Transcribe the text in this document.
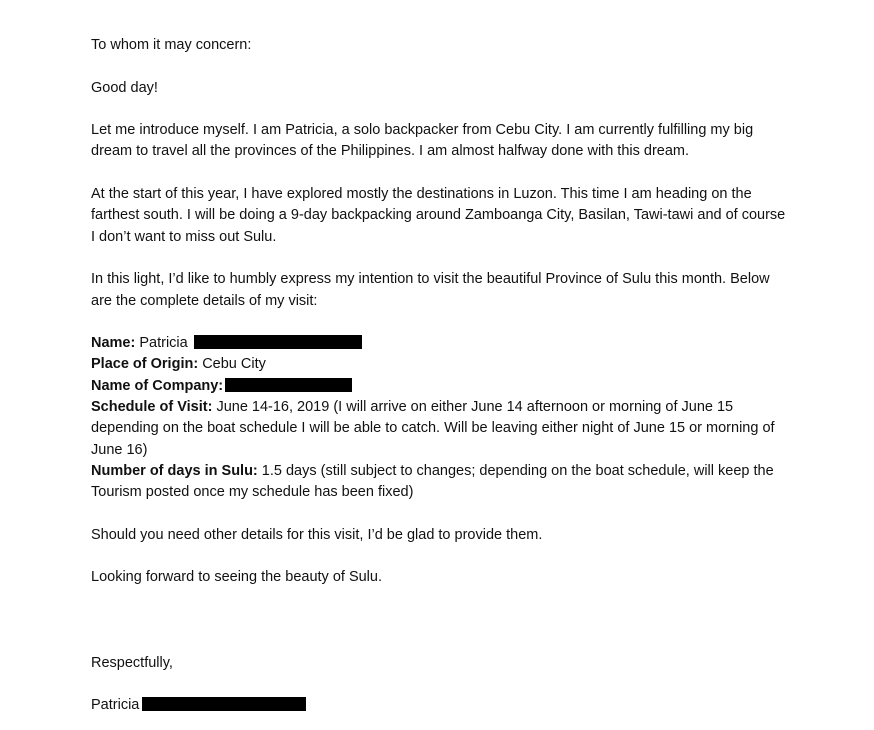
To whom it may concern:

Good day!

Let me introduce myself. I am Patricia, a solo backpacker from Cebu City. I am currently fulfilling my big dream to travel all the provinces of the Philippines. I am almost halfway done with this dream.

At the start of this year, I have explored mostly the destinations in Luzon. This time I am heading on the farthest south. I will be doing a 9-day backpacking around Zamboanga City, Basilan, Tawi-tawi and of course I don’t want to miss out Sulu.

In this light, I’d like to humbly express my intention to visit the beautiful Province of Sulu this month. Below are the complete details of my visit:

Name: Patricia
Place of Origin: Cebu City
Name of Company:
Schedule of Visit: June 14-16, 2019 (I will arrive on either June 14 afternoon or morning of June 15 depending on the boat schedule I will be able to catch. Will be leaving either night of June 15 or morning of June 16)
Number of days in Sulu: 1.5 days (still subject to changes; depending on the boat schedule, will keep the Tourism posted once my schedule has been fixed)

Should you need other details for this visit, I’d be glad to provide them.

Looking forward to seeing the beauty of Sulu.

Respectfully,

Patricia
